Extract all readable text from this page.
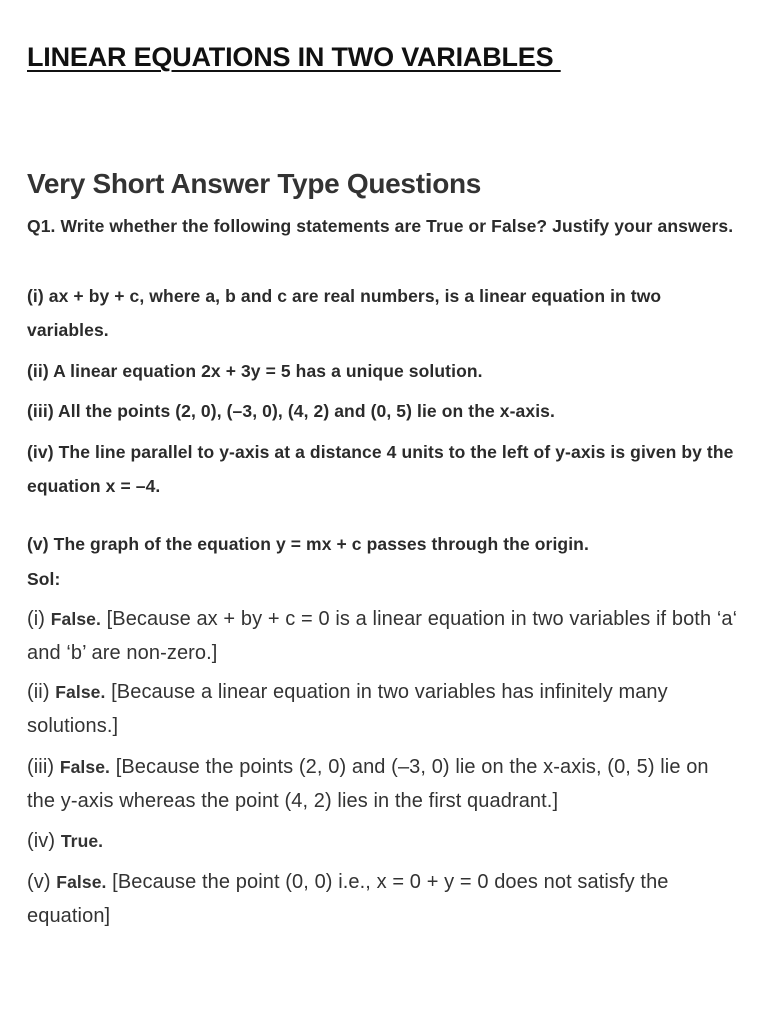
LINEAR EQUATIONS IN TWO VARIABLES
Very Short Answer Type Questions
Q1. Write whether the following statements are True or False? Justify your answers.
(i) ax + by + c, where a, b and c are real numbers, is a linear equation in two variables.
(ii) A linear equation 2x + 3y = 5 has a unique solution.
(iii) All the points (2, 0), (–3, 0), (4, 2) and (0, 5) lie on the x-axis.
(iv) The line parallel to y-axis at a distance 4 units to the left of y-axis is given by the equation x = –4.
(v) The graph of the equation y = mx + c passes through the origin.
Sol:
(i) False. [Because ax + by + c = 0 is a linear equation in two variables if both ‘a‘ and ‘b’ are non-zero.]
(ii) False. [Because a linear equation in two variables has infinitely many solutions.]
(iii) False. [Because the points (2, 0) and (–3, 0) lie on the x-axis, (0, 5) lie on the y-axis whereas the point (4, 2) lies in the first quadrant.]
(iv) True.
(v) False. [Because the point (0, 0) i.e., x = 0 + y = 0 does not satisfy the equation]
